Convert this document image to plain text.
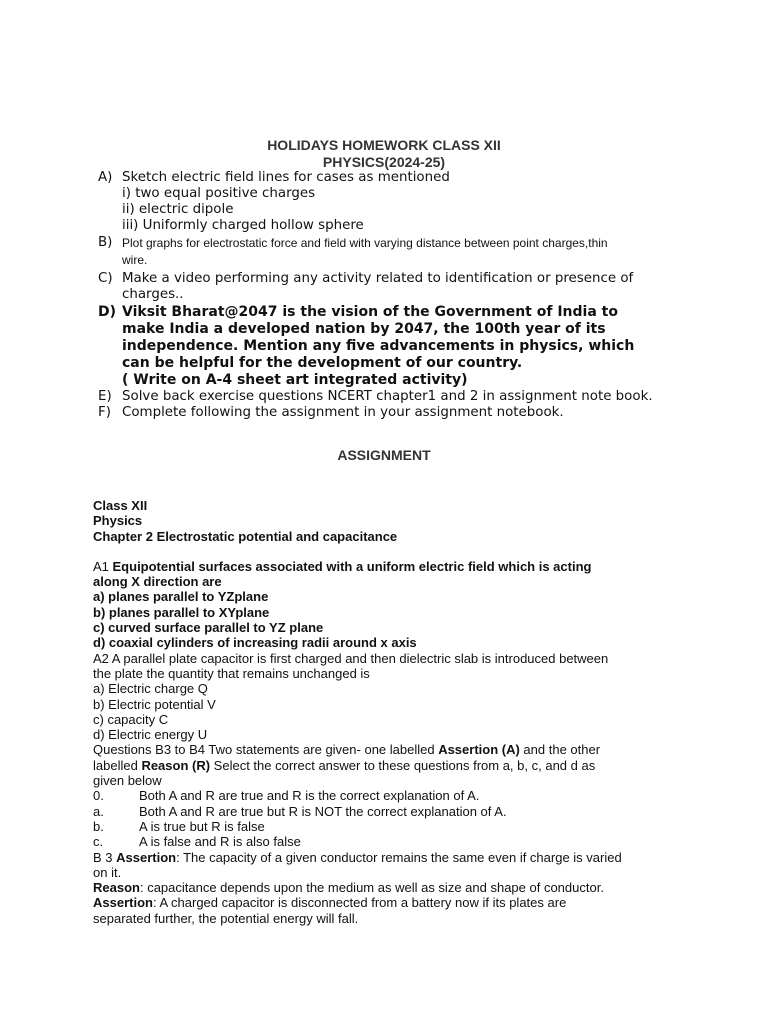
HOLIDAYS HOMEWORK CLASS XII
PHYSICS(2024-25)
A) Sketch electric field lines for cases as mentioned
i) two equal positive charges
ii) electric dipole
iii) Uniformly charged hollow sphere
B) Plot graphs for electrostatic force and field with varying distance between point charges,thin
wire.
C) Make a video performing any activity related to identification or presence of
charges..
D) Viksit Bharat@2047 is the vision of the Government of India to
make India a developed nation by 2047, the 100th year of its
independence. Mention any five advancements in physics, which
can be helpful for the development of our country.
( Write on A-4 sheet art integrated activity)
E) Solve back exercise questions NCERT chapter1 and 2 in assignment note book.
F) Complete following the assignment in your assignment notebook.
ASSIGNMENT
Class XII
Physics
Chapter 2 Electrostatic potential and capacitance
A1 Equipotential surfaces associated with a uniform electric field which is acting
along X direction are
a) planes parallel to YZplane
b) planes parallel to XYplane
c) curved surface parallel to YZ plane
d) coaxial cylinders of increasing radii around x axis
A2 A parallel plate capacitor is first charged and then dielectric slab is introduced between
the plate the quantity that remains unchanged is
a) Electric charge Q
b) Electric potential V
c) capacity C
d) Electric energy U
Questions B3 to B4 Two statements are given- one labelled Assertion (A) and the other
labelled Reason (R) Select the correct answer to these questions from a, b, c, and d as
given below
0.	Both A and R are true and R is the correct explanation of A.
a.	Both A and R are true but R is NOT the correct explanation of A.
b.	A is true but R is false
c.	A is false and R is also false
B 3 Assertion: The capacity of a given conductor remains the same even if charge is varied
on it.
Reason: capacitance depends upon the medium as well as size and shape of conductor.
Assertion: A charged capacitor is disconnected from a battery now if its plates are
separated further, the potential energy will fall.
